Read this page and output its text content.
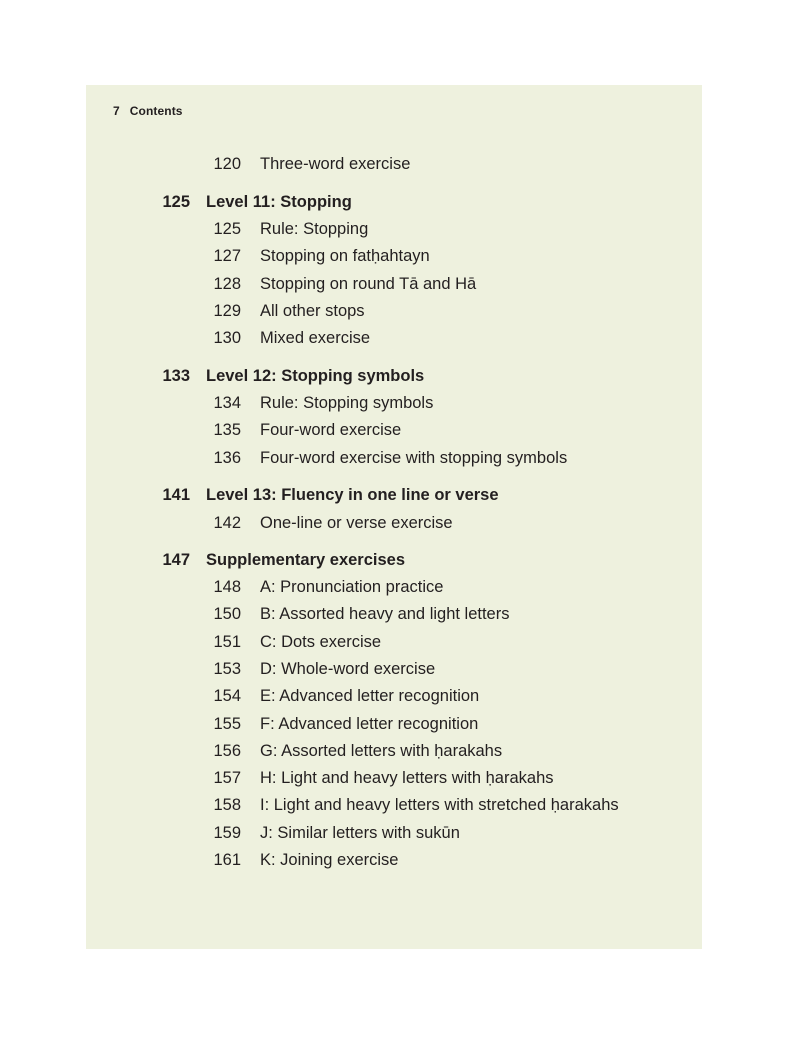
7 Contents
120 Three-word exercise
125 Level 11: Stopping
125 Rule: Stopping
127 Stopping on fatḥahtayn
128 Stopping on round Tā and Hā
129 All other stops
130 Mixed exercise
133 Level 12: Stopping symbols
134 Rule: Stopping symbols
135 Four-word exercise
136 Four-word exercise with stopping symbols
141 Level 13: Fluency in one line or verse
142 One-line or verse exercise
147 Supplementary exercises
148 A: Pronunciation practice
150 B: Assorted heavy and light letters
151 C: Dots exercise
153 D: Whole-word exercise
154 E: Advanced letter recognition
155 F: Advanced letter recognition
156 G: Assorted letters with ḥarakahs
157 H: Light and heavy letters with ḥarakahs
158 I: Light and heavy letters with stretched ḥarakahs
159 J: Similar letters with sukūn
161 K: Joining exercise
